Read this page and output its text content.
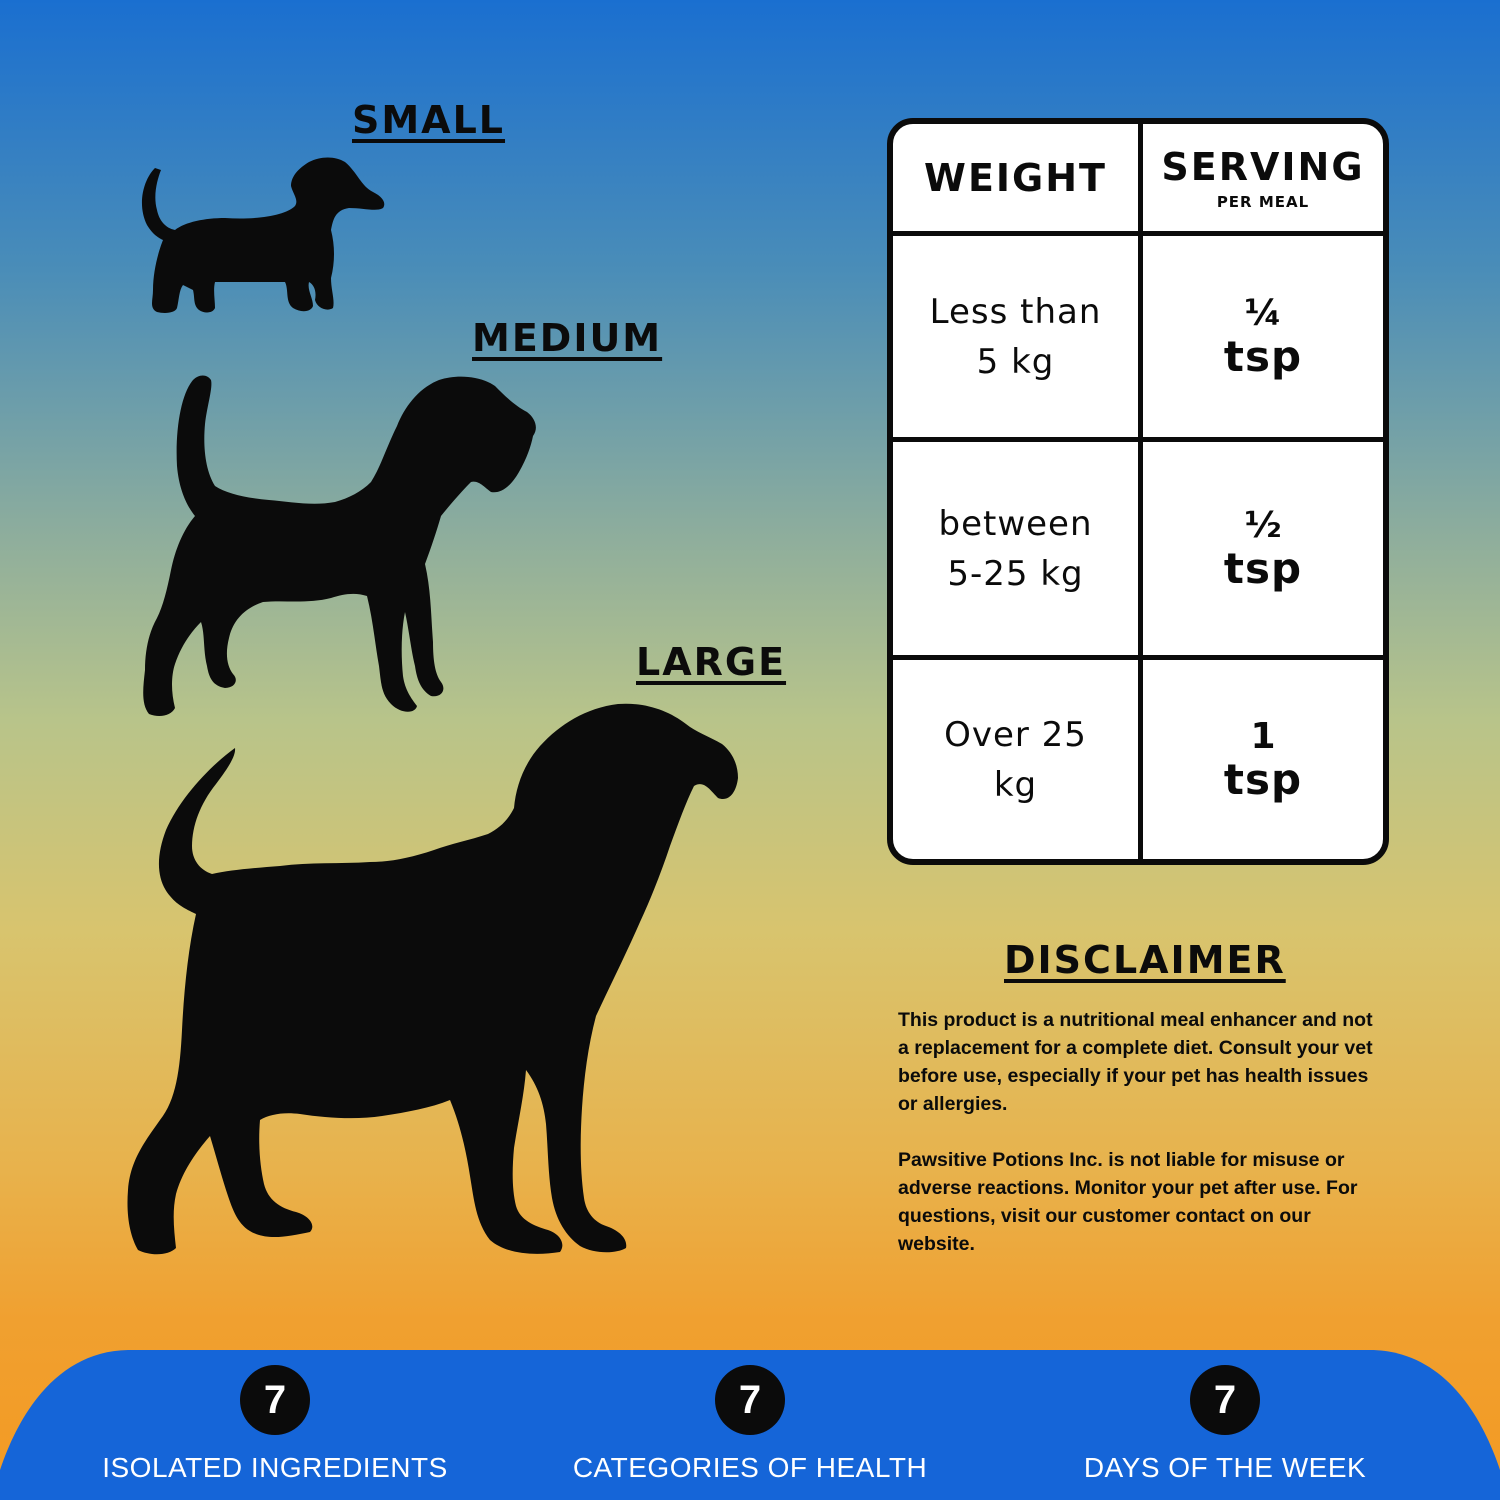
SMALL
MEDIUM
LARGE
WEIGHT SERVING
PER MEAL
Less than
5 kg
¼
tsp
between
5-25 kg
½
tsp
Over 25
kg
1
tsp
DISCLAIMER

This product is a nutritional meal enhancer and not a replacement for a complete diet. Consult your vet before use, especially if your pet has health issues or allergies.

Pawsitive Potions Inc. is not liable for misuse or adverse reactions. Monitor your pet after use. For questions, visit our customer contact on our website.

7
ISOLATED INGREDIENTS
7
CATEGORIES OF HEALTH
7
DAYS OF THE WEEK
